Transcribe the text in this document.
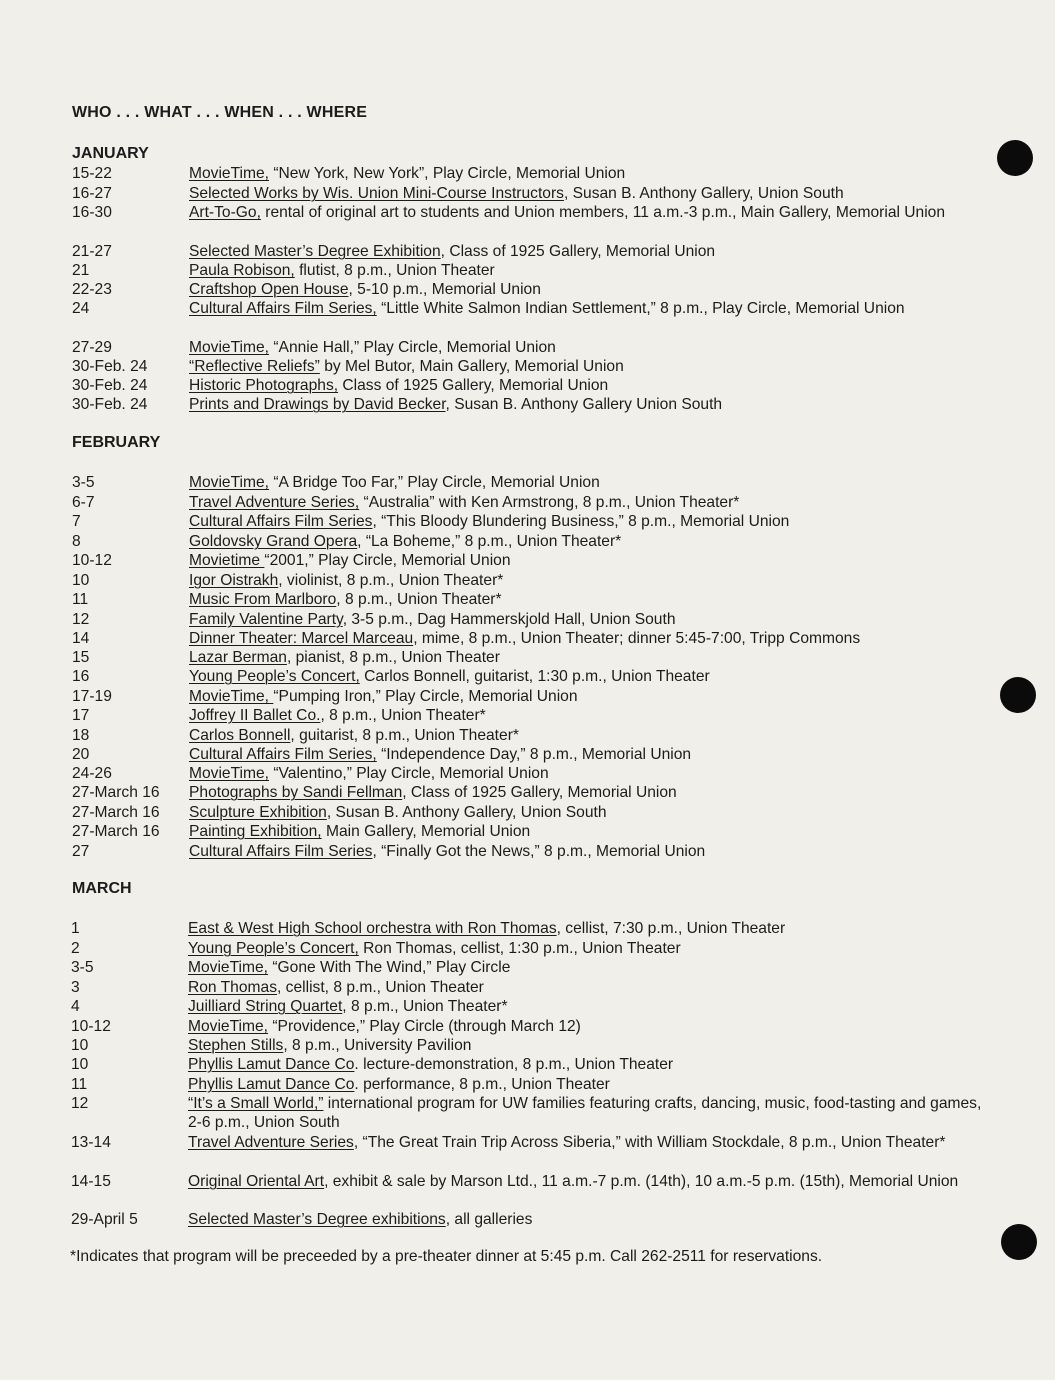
WHO . . . WHAT . . . WHEN . . . WHERE
JANUARY
15-22	MovieTime, “New York, New York”, Play Circle, Memorial Union
16-27	Selected Works by Wis. Union Mini-Course Instructors, Susan B. Anthony Gallery, Union South
16-30	Art-To-Go, rental of original art to students and Union members, 11 a.m.-3 p.m., Main Gallery, Memorial Union
21-27	Selected Master’s Degree Exhibition, Class of 1925 Gallery, Memorial Union
21	Paula Robison, flutist, 8 p.m., Union Theater
22-23	Craftshop Open House, 5-10 p.m., Memorial Union
24	Cultural Affairs Film Series, “Little White Salmon Indian Settlement,” 8 p.m., Play Circle, Memorial Union
27-29	MovieTime, “Annie Hall,” Play Circle, Memorial Union
30-Feb. 24	“Reflective Reliefs” by Mel Butor, Main Gallery, Memorial Union
30-Feb. 24	Historic Photographs, Class of 1925 Gallery, Memorial Union
30-Feb. 24	Prints and Drawings by David Becker, Susan B. Anthony Gallery Union South
FEBRUARY
3-5	MovieTime, “A Bridge Too Far,” Play Circle, Memorial Union
6-7	Travel Adventure Series, “Australia” with Ken Armstrong, 8 p.m., Union Theater*
7	Cultural Affairs Film Series, “This Bloody Blundering Business,” 8 p.m., Memorial Union
8	Goldovsky Grand Opera, “La Boheme,” 8 p.m., Union Theater*
10-12	Movietime “2001,” Play Circle, Memorial Union
10	Igor Oistrakh, violinist, 8 p.m., Union Theater*
11	Music From Marlboro, 8 p.m., Union Theater*
12	Family Valentine Party, 3-5 p.m., Dag Hammerskjold Hall, Union South
14	Dinner Theater: Marcel Marceau, mime, 8 p.m., Union Theater; dinner 5:45-7:00, Tripp Commons
15	Lazar Berman, pianist, 8 p.m., Union Theater
16	Young People’s Concert, Carlos Bonnell, guitarist, 1:30 p.m., Union Theater
17-19	MovieTime, “Pumping Iron,” Play Circle, Memorial Union
17	Joffrey II Ballet Co., 8 p.m., Union Theater*
18	Carlos Bonnell, guitarist, 8 p.m., Union Theater*
20	Cultural Affairs Film Series, “Independence Day,” 8 p.m., Memorial Union
24-26	MovieTime, “Valentino,” Play Circle, Memorial Union
27-March 16 Photographs by Sandi Fellman, Class of 1925 Gallery, Memorial Union
27-March 16 Sculpture Exhibition, Susan B. Anthony Gallery, Union South
27-March 16 Painting Exhibition, Main Gallery, Memorial Union
27	Cultural Affairs Film Series, “Finally Got the News,” 8 p.m., Memorial Union
MARCH
1	East & West High School orchestra with Ron Thomas, cellist, 7:30 p.m., Union Theater
2	Young People’s Concert, Ron Thomas, cellist, 1:30 p.m., Union Theater
3-5	MovieTime, “Gone With The Wind,” Play Circle
3	Ron Thomas, cellist, 8 p.m., Union Theater
4	Juilliard String Quartet, 8 p.m., Union Theater*
10-12	MovieTime, “Providence,” Play Circle (through March 12)
10	Stephen Stills, 8 p.m., University Pavilion
10	Phyllis Lamut Dance Co. lecture-demonstration, 8 p.m., Union Theater
11	Phyllis Lamut Dance Co. performance, 8 p.m., Union Theater
12	“It’s a Small World,” international program for UW families featuring crafts, dancing, music, food-tasting and games, 2-6 p.m., Union South
13-14	Travel Adventure Series, “The Great Train Trip Across Siberia,” with William Stockdale, 8 p.m., Union Theater*
14-15	Original Oriental Art, exhibit & sale by Marson Ltd., 11 a.m.-7 p.m. (14th), 10 a.m.-5 p.m. (15th), Memorial Union
29-April 5	Selected Master’s Degree exhibitions, all galleries

*Indicates that program will be preceeded by a pre-theater dinner at 5:45 p.m. Call 262-2511 for reservations.
